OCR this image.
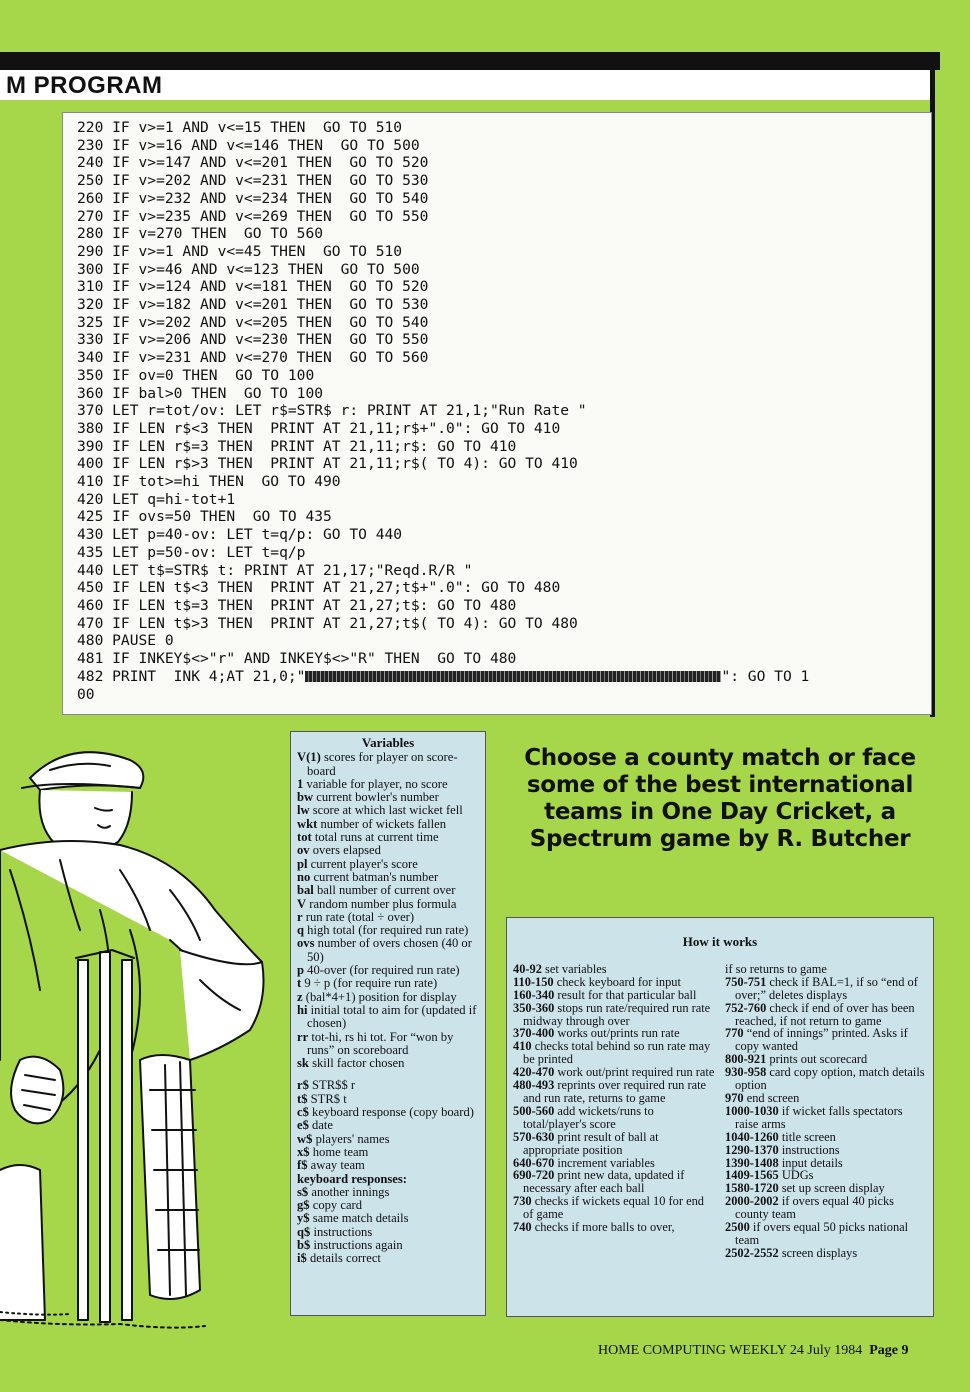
M PROGRAM
220 IF v>=1 AND v<=15 THEN  GO TO 510
230 IF v>=16 AND v<=146 THEN  GO TO 500
240 IF v>=147 AND v<=201 THEN  GO TO 520
250 IF v>=202 AND v<=231 THEN  GO TO 530
260 IF v>=232 AND v<=234 THEN  GO TO 540
270 IF v>=235 AND v<=269 THEN  GO TO 550
280 IF v=270 THEN  GO TO 560
290 IF v>=1 AND v<=45 THEN  GO TO 510
300 IF v>=46 AND v<=123 THEN  GO TO 500
310 IF v>=124 AND v<=181 THEN  GO TO 520
320 IF v>=182 AND v<=201 THEN  GO TO 530
325 IF v>=202 AND v<=205 THEN  GO TO 540
330 IF v>=206 AND v<=230 THEN  GO TO 550
340 IF v>=231 AND v<=270 THEN  GO TO 560
350 IF ov=0 THEN  GO TO 100
360 IF bal>0 THEN  GO TO 100
370 LET r=tot/ov: LET r$=STR$ r: PRINT AT 21,1;"Run Rate "
380 IF LEN r$<3 THEN  PRINT AT 21,11;r$+".0": GO TO 410
390 IF LEN r$=3 THEN  PRINT AT 21,11;r$: GO TO 410
400 IF LEN r$>3 THEN  PRINT AT 21,11;r$( TO 4): GO TO 410
410 IF tot>=hi THEN  GO TO 490
420 LET q=hi-tot+1
425 IF ovs=50 THEN  GO TO 435
430 LET p=40-ov: LET t=q/p: GO TO 440
435 LET p=50-ov: LET t=q/p
440 LET t$=STR$ t: PRINT AT 21,17;"Reqd.R/R "
450 IF LEN t$<3 THEN  PRINT AT 21,27;t$+".0": GO TO 480
460 IF LEN t$=3 THEN  PRINT AT 21,27;t$: GO TO 480
470 IF LEN t$>3 THEN  PRINT AT 21,27;t$( TO 4): GO TO 480
480 PAUSE 0
481 IF INKEY$<>"r" AND INKEY$<>"R" THEN  GO TO 480
482 PRINT  INK 4;AT 21,0;"	": GO TO 1
00
Variables
V(1) scores for player on score-board
1 variable for player, no score
bw current bowler's number
lw score at which last wicket fell
wkt number of wickets fallen
tot total runs at current time
ov overs elapsed
pl current player's score
no current batman's number
bal ball number of current over
V random number plus formula
r run rate (total ÷ over)
q high total (for required run rate)
ovs number of overs chosen (40 or 50)
p 40-over (for required run rate)
t 9 ÷ p (for require run rate)
z (bal*4+1) position for display
hi initial total to aim for (updated if chosen)
rr tot-hi, rs hi tot. For “won by runs” on scoreboard
sk skill factor chosen
r$ STR$$ r
t$ STR$ t
c$ keyboard response (copy board)
e$ date
w$ players' names
x$ home team
f$ away team
keyboard responses:
s$ another innings
g$ copy card
y$ same match details
q$ instructions
b$ instructions again
i$ details correct
Choose a county match or face some of the best international teams in One Day Cricket, a Spectrum game by R. Butcher
How it works
40-92 set variables
110-150 check keyboard for input
160-340 result for that particular ball
350-360 stops run rate/required run rate midway through over
370-400 works out/prints run rate
410 checks total behind so run rate may be printed
420-470 work out/print required run rate
480-493 reprints over required run rate and run rate, returns to game
500-560 add wickets/runs to total/player's score
570-630 print result of ball at appropriate position
640-670 increment variables
690-720 print new data, updated if necessary after each ball
730 checks if wickets equal 10 for end of game
740 checks if more balls to over,
if so returns to game
750-751 check if BAL=1, if so “end of over;” deletes displays
752-760 check if end of over has been reached, if not return to game
770 “end of innings” printed. Asks if copy wanted
800-921 prints out scorecard
930-958 card copy option, match details option
970 end screen
1000-1030 if wicket falls spectators raise arms
1040-1260 title screen
1290-1370 instructions
1390-1408 input details
1409-1565 UDGs
1580-1720 set up screen display
2000-2002 if overs equal 40 picks county team
2500 if overs equal 50 picks national team
2502-2552 screen displays
HOME COMPUTING WEEKLY 24 July 1984 Page 9
